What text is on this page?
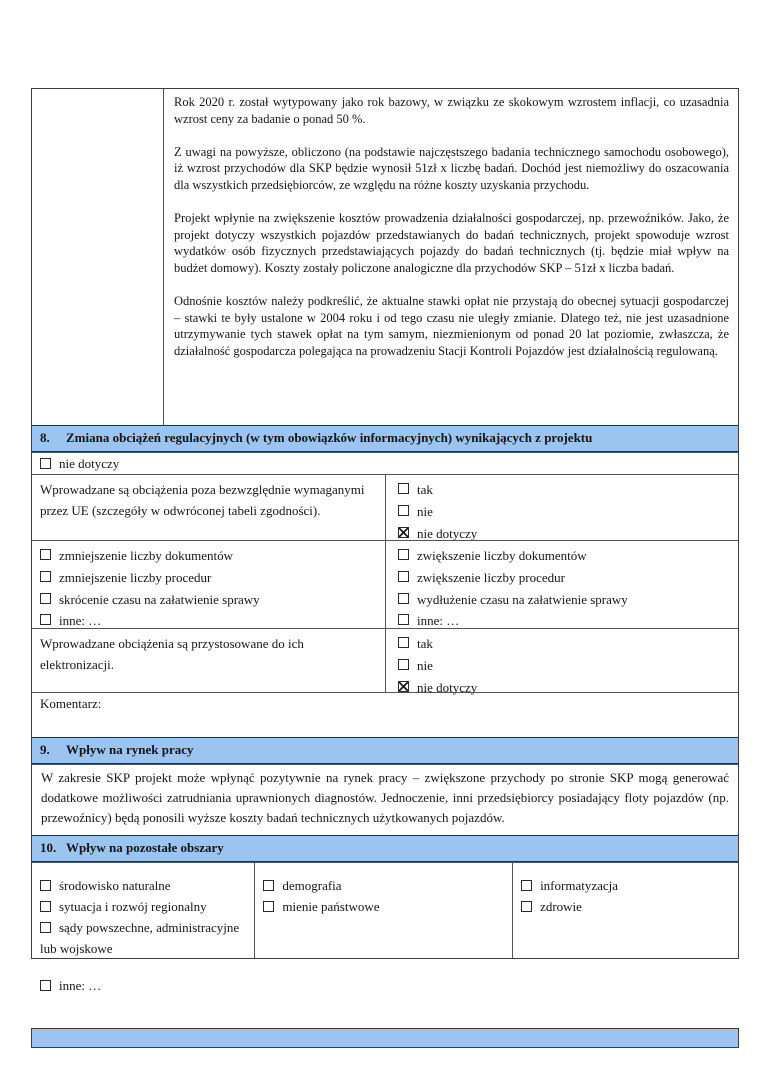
Rok 2020 r. został wytypowany jako rok bazowy, w związku ze skokowym wzrostem inflacji, co uzasadnia wzrost ceny za badanie o ponad 50 %.

Z uwagi na powyższe, obliczono (na podstawie najczęstszego badania technicznego samochodu osobowego), iż wzrost przychodów dla SKP będzie wynosił 51zł x liczbę badań. Dochód jest niemożliwy do oszacowania dla wszystkich przedsiębiorców, ze względu na różne koszty uzyskania przychodu.

Projekt wpłynie na zwiększenie kosztów prowadzenia działalności gospodarczej, np. przewoźników. Jako, że projekt dotyczy wszystkich pojazdów przedstawianych do badań technicznych, projekt spowoduje wzrost wydatków osób fizycznych przedstawiających pojazdy do badań technicznych (tj. będzie miał wpływ na budżet domowy). Koszty zostały policzone analogiczne dla przychodów SKP – 51zł x liczba badań.

Odnośnie kosztów należy podkreślić, że aktualne stawki opłat nie przystają do obecnej sytuacji gospodarczej – stawki te były ustalone w 2004 roku i od tego czasu nie uległy zmianie. Dlatego też, nie jest uzasadnione utrzymywanie tych stawek opłat na tym samym, niezmienionym od ponad 20 lat poziomie, zwłaszcza, że działalność gospodarcza polegająca na prowadzeniu Stacji Kontroli Pojazdów jest działalnością regulowaną.

8.	Zmiana obciążeń regulacyjnych (w tym obowiązków informacyjnych) wynikających z projektu
nie dotyczy
Wprowadzane są obciążenia poza bezwzględnie wymaganymi przez UE (szczegóły w odwróconej tabeli zgodności).
tak
nie
nie dotyczy
zmniejszenie liczby dokumentów
zmniejszenie liczby procedur
skrócenie czasu na załatwienie sprawy
inne: …
zwiększenie liczby dokumentów
zwiększenie liczby procedur
wydłużenie czasu na załatwienie sprawy
inne: …
Wprowadzane obciążenia są przystosowane do ich elektronizacji.
tak
nie
nie dotyczy
Komentarz:
9.	Wpływ na rynek pracy

W zakresie SKP projekt może wpłynąć pozytywnie na rynek pracy – zwiększone przychody po stronie SKP mogą generować dodatkowe możliwości zatrudniania uprawnionych diagnostów. Jednoczenie, inni przedsiębiorcy posiadający floty pojazdów (np. przewoźnicy) będą ponosili wyższe koszty badań technicznych użytkowanych pojazdów.

10. Wpływ na pozostałe obszary

środowisko naturalne

sytuacja i rozwój regionalny

sądy powszechne, administracyjne lub wojskowe

inne: …

demografia

mienie państwowe

informatyzacja

zdrowie
